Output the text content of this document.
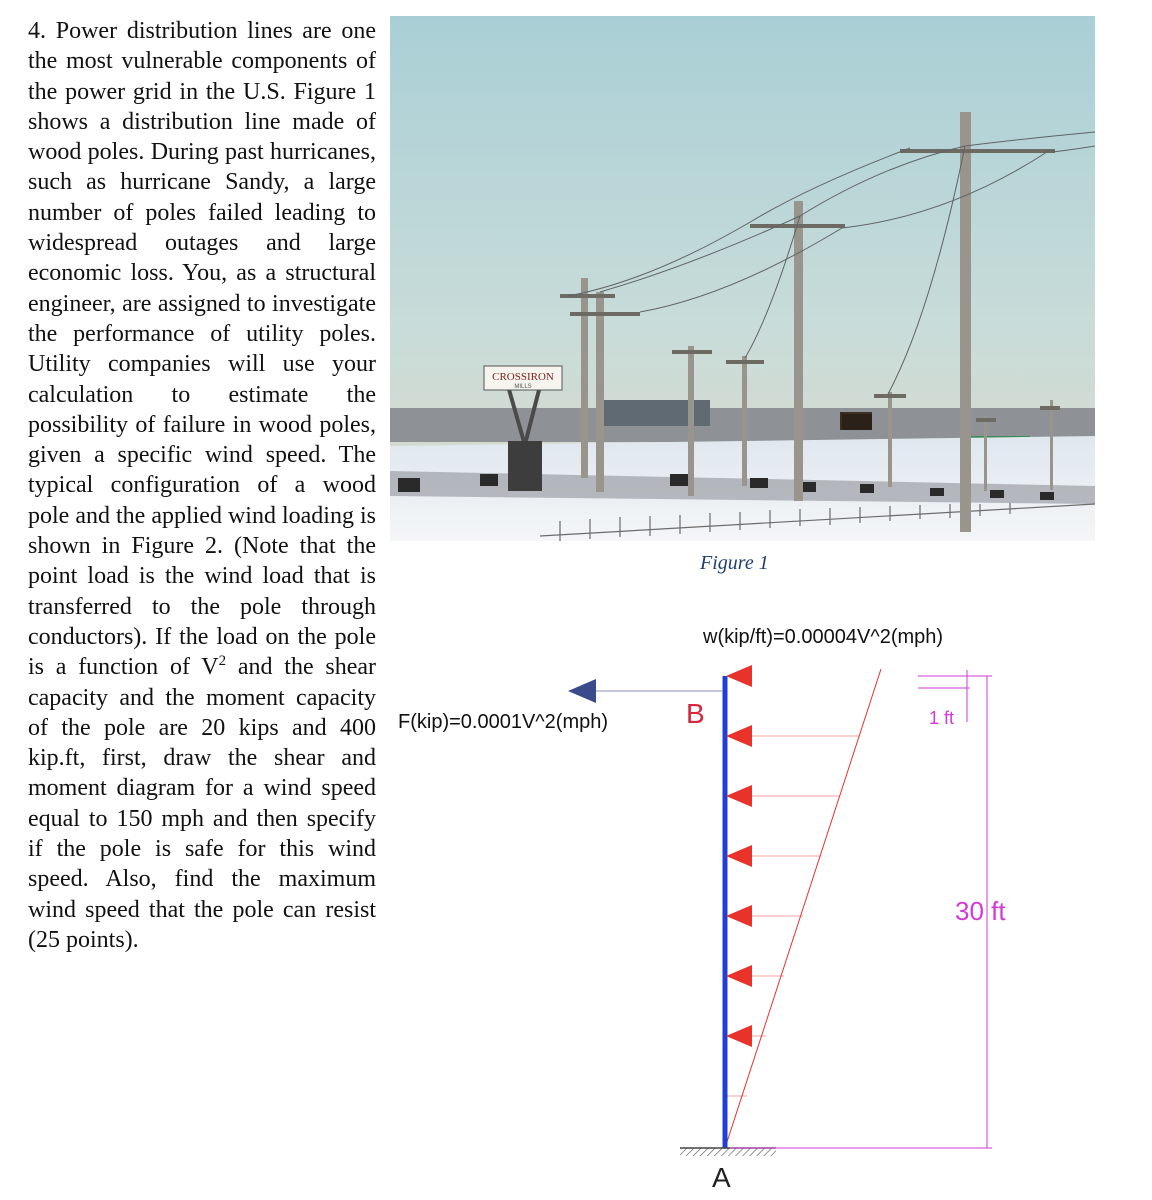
4. Power distribution lines are one the most vulnerable components of the power grid in the U.S. Figure 1 shows a distribution line made of wood poles. During past hurricanes, such as hurricane Sandy, a large number of poles failed leading to widespread outages and large economic loss. You, as a structural engineer, are assigned to investigate the performance of utility poles. Utility companies will use your calculation to estimate the possibility of failure in wood poles, given a specific wind speed. The typical configuration of a wood pole and the applied wind loading is shown in Figure 2. (Note that the point load is the wind load that is transferred to the pole through conductors). If the load on the pole is a function of $V^2$ and the shear capacity and the moment capacity of the pole are 20 kips and 400 kip.ft, first, draw the shear and moment diagram for a wind speed equal to 150 mph and then specify if the pole is safe for this wind speed. Also, find the maximum wind speed that the pole can resist (25 points).
CROSSIRON
MILLS
Figure 1
w(kip/ft)=0.00004V^2(mph)
F(kip)=0.0001V^2(mph)	B
A
1 ft
30 ft
